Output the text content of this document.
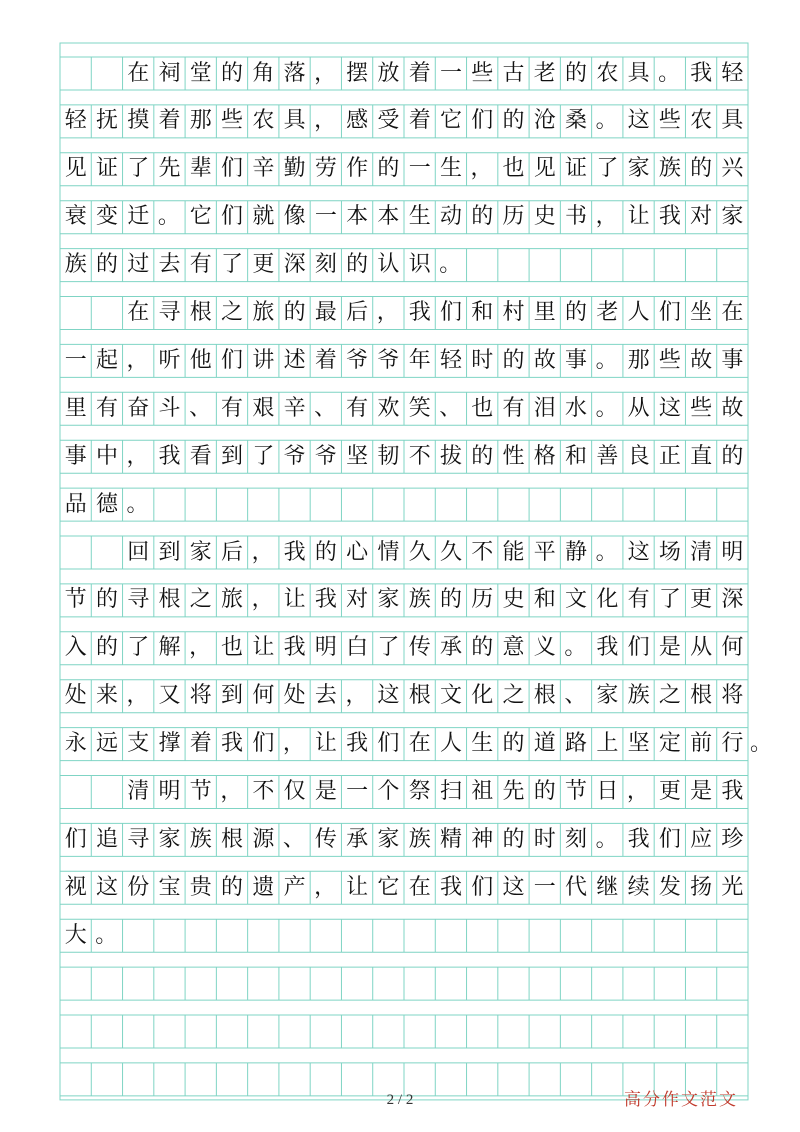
在 祠 堂 的 角 落 ， 摆 放 着 一 些 古 老 的 农 具 。 我 轻
轻 抚 摸 着 那 些 农 具 ， 感 受 着 它 们 的 沧 桑 。 这 些 农 具
见 证 了 先 辈 们 辛 勤 劳 作 的 一 生 ， 也 见 证 了 家 族 的 兴
衰 变 迁 。 它 们 就 像 一 本 本 生 动 的 历 史 书 ， 让 我 对 家
族 的 过 去 有 了 更 深 刻 的 认 识 。
在 寻 根 之 旅 的 最 后 ， 我 们 和 村 里 的 老 人 们 坐 在
一 起 ， 听 他 们 讲 述 着 爷 爷 年 轻 时 的 故 事 。 那 些 故 事
里 有 奋 斗 、 有 艰 辛 、 有 欢 笑 、 也 有 泪 水 。 从 这 些 故
事 中 ， 我 看 到 了 爷 爷 坚 韧 不 拔 的 性 格 和 善 良 正 直 的
品 德 。
回 到 家 后 ， 我 的 心 情 久 久 不 能 平 静 。 这 场 清 明
节 的 寻 根 之 旅 ， 让 我 对 家 族 的 历 史 和 文 化 有 了 更 深
入 的 了 解 ， 也 让 我 明 白 了 传 承 的 意 义 。 我 们 是 从 何
处 来 ， 又 将 到 何 处 去 ， 这 根 文 化 之 根 、 家 族 之 根 将
永 远 支 撑 着 我 们 ， 让 我 们 在 人 生 的 道 路 上 坚 定 前 行 。
清 明 节 ， 不 仅 是 一 个 祭 扫 祖 先 的 节 日 ， 更 是 我
们 追 寻 家 族 根 源 、 传 承 家 族 精 神 的 时 刻 。 我 们 应 珍
视 这 份 宝 贵 的 遗 产 ， 让 它 在 我 们 这 一 代 继 续 发 扬 光
大 。
2 / 2	高分作文范文
